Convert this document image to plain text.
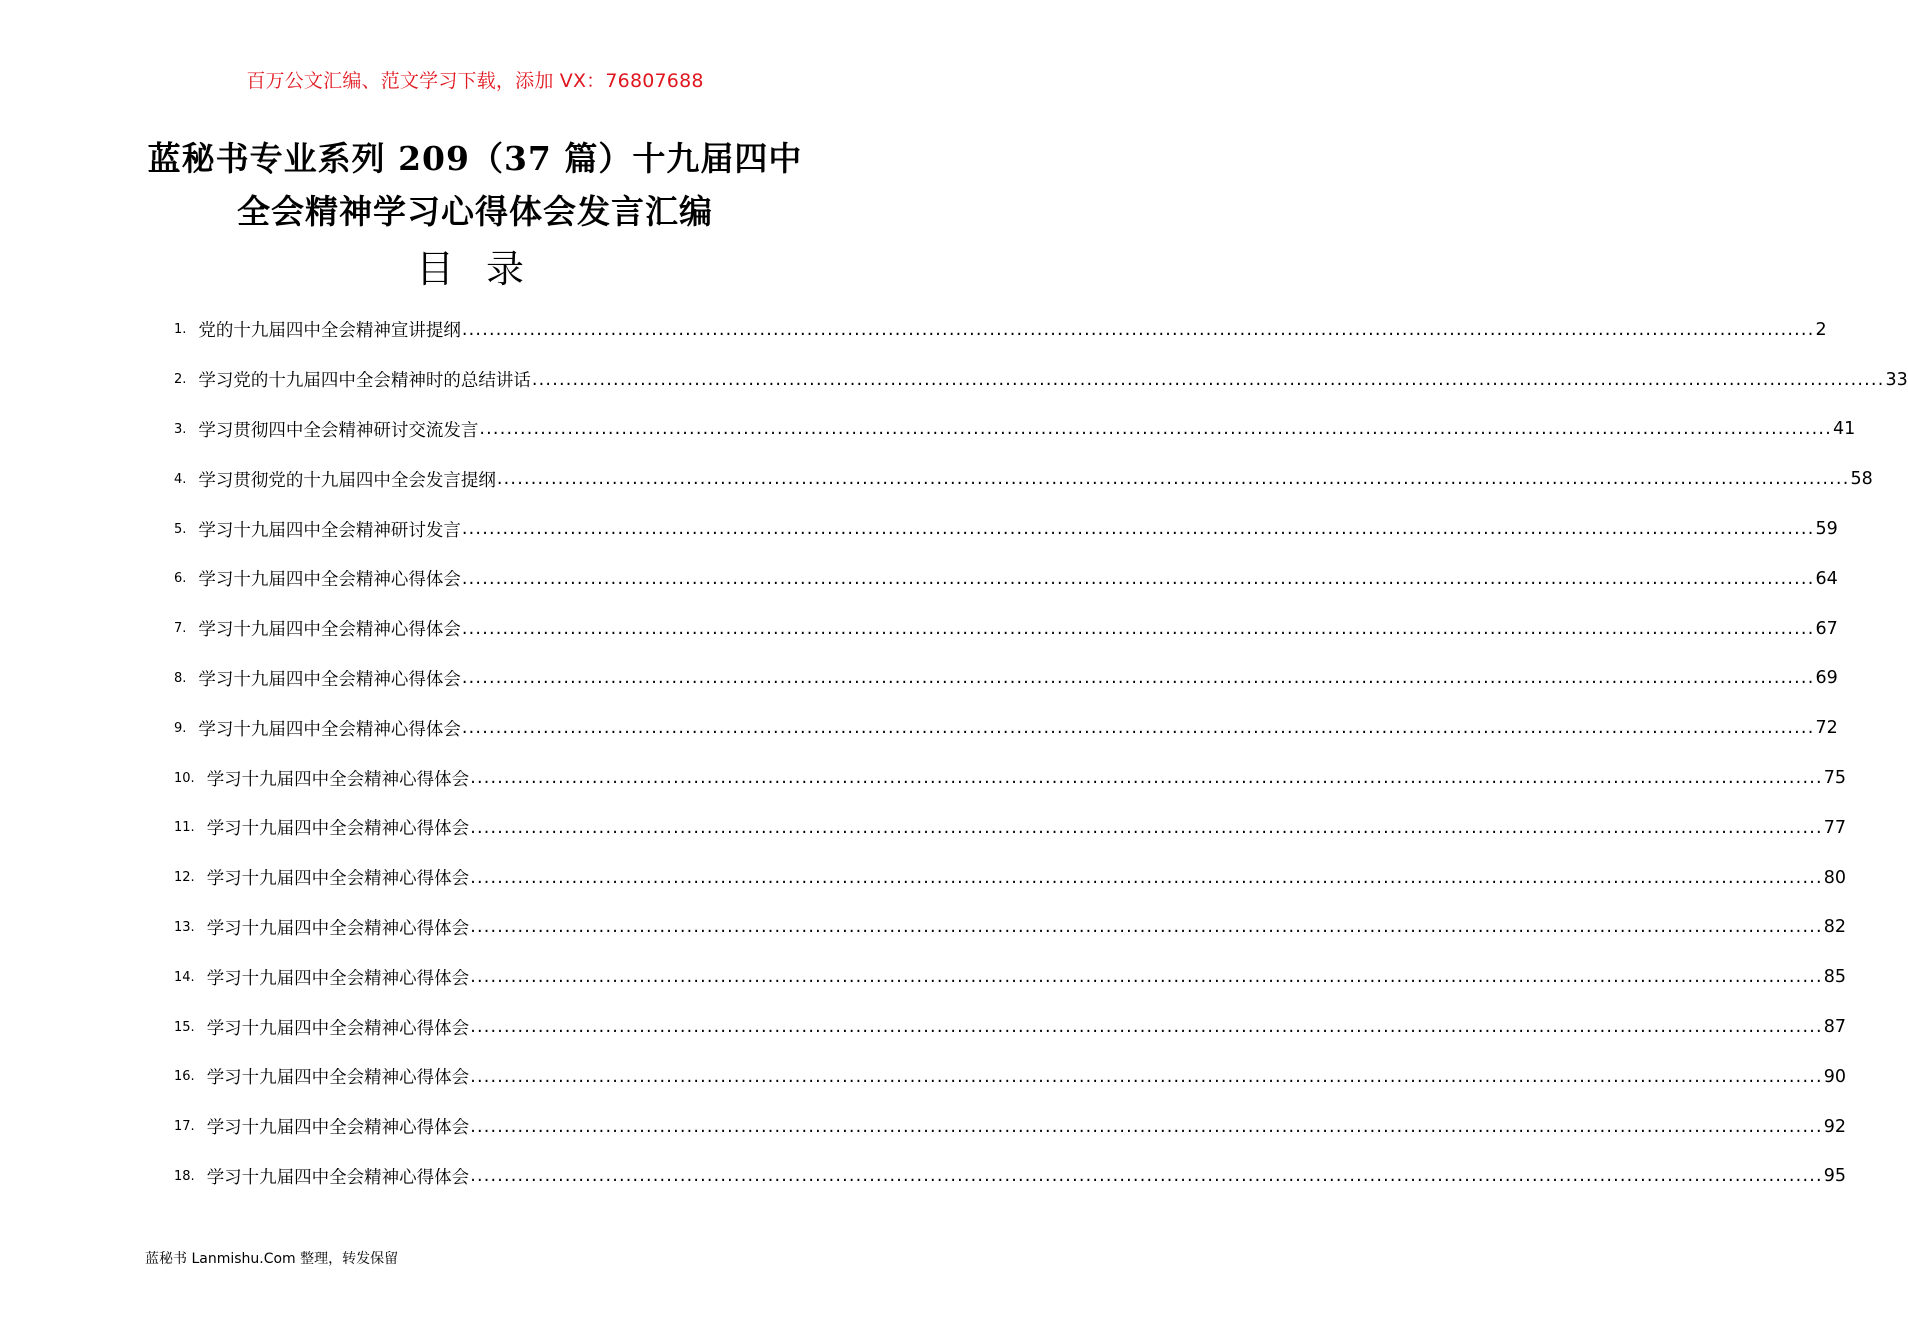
百万公文汇编、范文学习下载，添加 VX：76807688
蓝秘书专业系列 209（37 篇）十九届四中
全会精神学习心得体会发言汇编
目 录
1. 党的十九届四中全会精神宣讲提纲 ........................................................................................................................................................................................................ 2
2. 学习党的十九届四中全会精神时的总结讲话 ........................................................................................................................................................................................................ 33
3. 学习贯彻四中全会精神研讨交流发言 ........................................................................................................................................................................................................ 41
4. 学习贯彻党的十九届四中全会发言提纲 ........................................................................................................................................................................................................ 58
5. 学习十九届四中全会精神研讨发言 ........................................................................................................................................................................................................ 59
6. 学习十九届四中全会精神心得体会 ........................................................................................................................................................................................................ 64
7. 学习十九届四中全会精神心得体会 ........................................................................................................................................................................................................ 67
8. 学习十九届四中全会精神心得体会 ........................................................................................................................................................................................................ 69
9. 学习十九届四中全会精神心得体会 ........................................................................................................................................................................................................ 72
10. 学习十九届四中全会精神心得体会 ........................................................................................................................................................................................................ 75
11. 学习十九届四中全会精神心得体会 ........................................................................................................................................................................................................ 77
12. 学习十九届四中全会精神心得体会 ........................................................................................................................................................................................................ 80
13. 学习十九届四中全会精神心得体会 ........................................................................................................................................................................................................ 82
14. 学习十九届四中全会精神心得体会 ........................................................................................................................................................................................................ 85
15. 学习十九届四中全会精神心得体会 ........................................................................................................................................................................................................ 87
16. 学习十九届四中全会精神心得体会 ........................................................................................................................................................................................................ 90
17. 学习十九届四中全会精神心得体会 ........................................................................................................................................................................................................ 92
18. 学习十九届四中全会精神心得体会 ........................................................................................................................................................................................................ 95
蓝秘书 Lanmishu.Com 整理，转发保留
